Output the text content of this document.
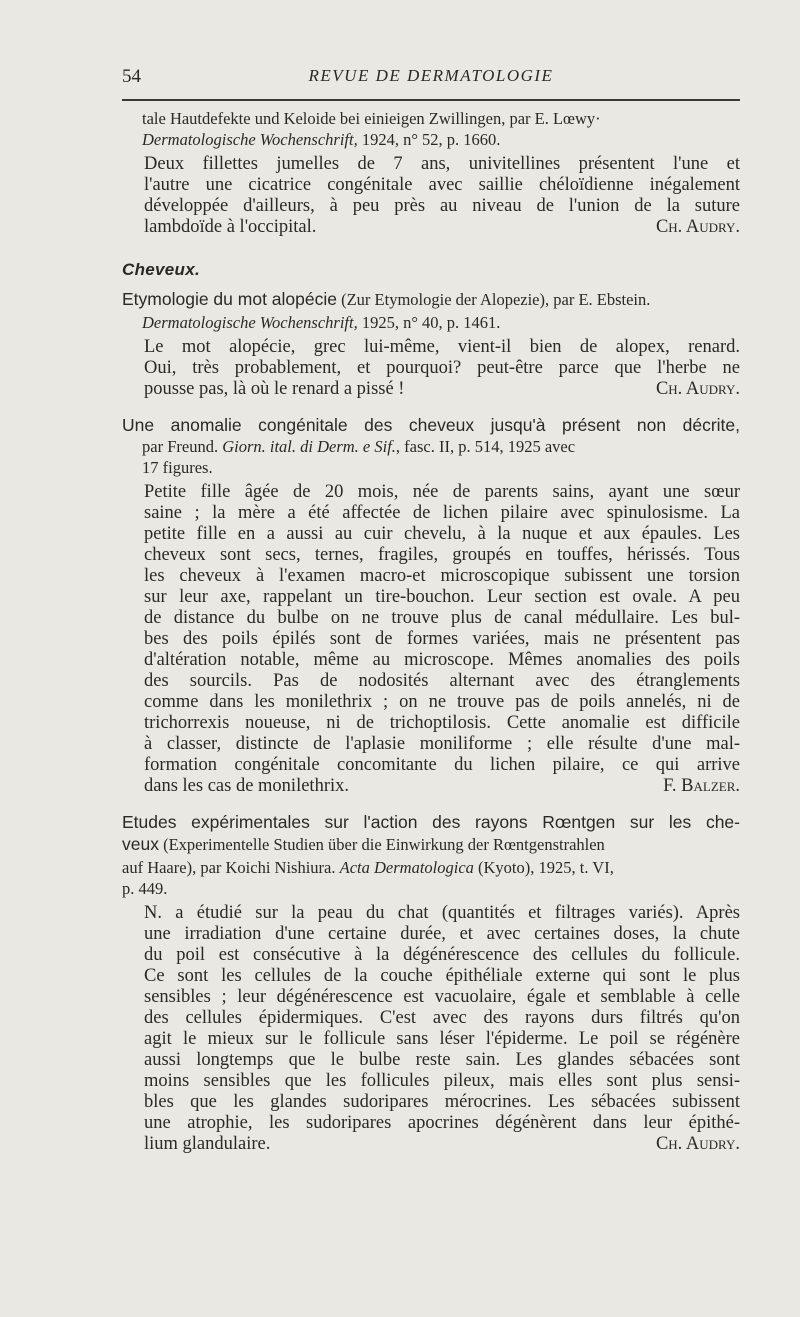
54	REVUE DE DERMATOLOGIE
tale Hautdefekte und Keloide bei einieigen Zwillingen, par E. Lœwy·
Dermatologische Wochenschrift, 1924, n° 52, p. 1660.
Deux fillettes jumelles de 7 ans, univitellines présentent l'une et
l'autre une cicatrice congénitale avec saillie chéloïdienne inégalement
développée d'ailleurs, à peu près au niveau de l'union de la suture
lambdoïde à l'occipital.	Ch. Audry.
Cheveux.
Etymologie du mot alopécie (Zur Etymologie der Alopezie), par E. Ebstein.
Dermatologische Wochenschrift, 1925, n° 40, p. 1461.
Le mot alopécie, grec lui-même, vient-il bien de alopex, renard.
Oui, très probablement, et pourquoi? peut-être parce que l'herbe ne
pousse pas, là où le renard a pissé !	Ch. Audry.
Une anomalie congénitale des cheveux jusqu'à présent non décrite,
par Freund. Giorn. ital. di Derm. e Sif., fasc. II, p. 514, 1925 avec
17 figures.
Petite fille âgée de 20 mois, née de parents sains, ayant une sœur
saine ; la mère a été affectée de lichen pilaire avec spinulosisme. La
petite fille en a aussi au cuir chevelu, à la nuque et aux épaules. Les
cheveux sont secs, ternes, fragiles, groupés en touffes, hérissés. Tous
les cheveux à l'examen macro-et microscopique subissent une torsion
sur leur axe, rappelant un tire-bouchon. Leur section est ovale. A peu
de distance du bulbe on ne trouve plus de canal médullaire. Les bul-
bes des poils épilés sont de formes variées, mais ne présentent pas
d'altération notable, même au microscope. Mêmes anomalies des poils
des sourcils. Pas de nodosités alternant avec des étranglements
comme dans les monilethrix ; on ne trouve pas de poils annelés, ni de
trichorrexis noueuse, ni de trichoptilosis. Cette anomalie est difficile
à classer, distincte de l'aplasie moniliforme ; elle résulte d'une mal-
formation congénitale concomitante du lichen pilaire, ce qui arrive
dans les cas de monilethrix.	F. Balzer.
Etudes expérimentales sur l'action des rayons Rœntgen sur les che-
veux (Experimentelle Studien über die Einwirkung der Rœntgenstrahlen
auf Haare), par Koichi Nishiura. Acta Dermatologica (Kyoto), 1925, t. VI,
p. 449.
N. a étudié sur la peau du chat (quantités et filtrages variés). Après
une irradiation d'une certaine durée, et avec certaines doses, la chute
du poil est consécutive à la dégénérescence des cellules du follicule.
Ce sont les cellules de la couche épithéliale externe qui sont le plus
sensibles ; leur dégénérescence est vacuolaire, égale et semblable à celle
des cellules épidermiques. C'est avec des rayons durs filtrés qu'on
agit le mieux sur le follicule sans léser l'épiderme. Le poil se régénère
aussi longtemps que le bulbe reste sain. Les glandes sébacées sont
moins sensibles que les follicules pileux, mais elles sont plus sensi-
bles que les glandes sudoripares mérocrines. Les sébacées subissent
une atrophie, les sudoripares apocrines dégénèrent dans leur épithé-
lium glandulaire.	Ch. Audry.
